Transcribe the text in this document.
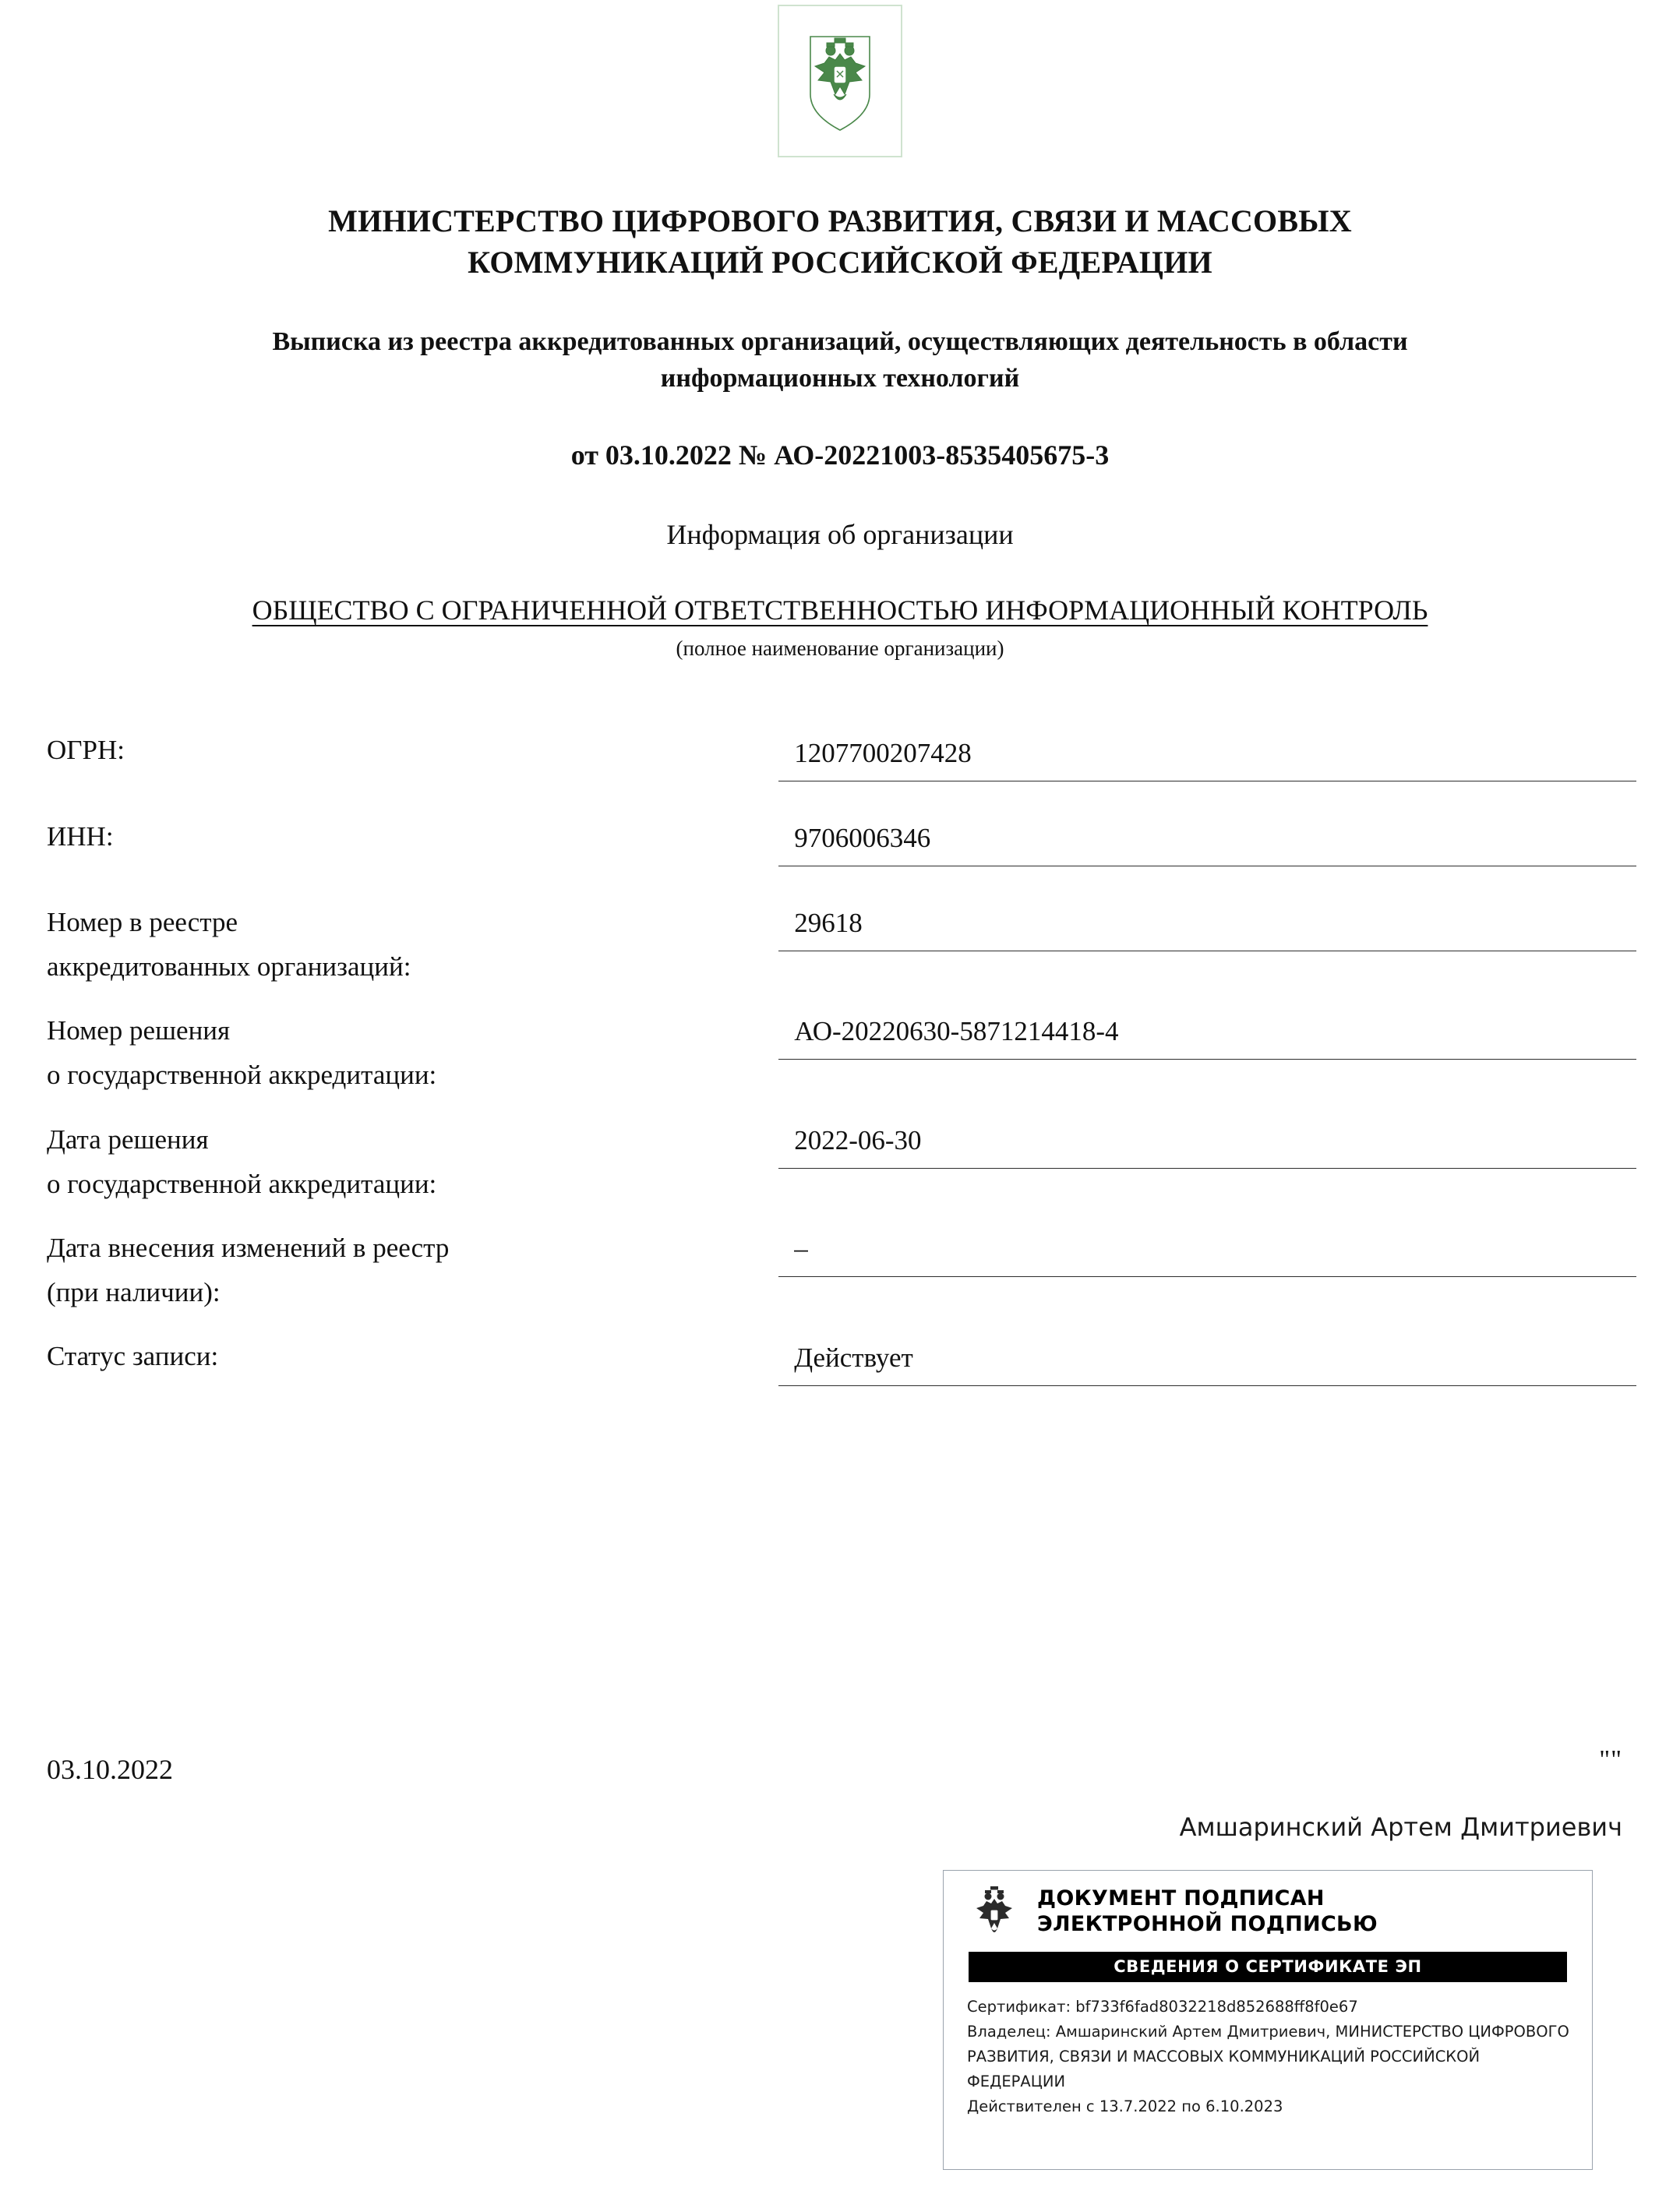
МИНИСТЕРСТВО ЦИФРОВОГО РАЗВИТИЯ, СВЯЗИ И МАССОВЫХ КОММУНИКАЦИЙ РОССИЙСКОЙ ФЕДЕРАЦИИ
Выписка из реестра аккредитованных организаций, осуществляющих деятельность в области информационных технологий
от 03.10.2022 № АО-20221003-8535405675-3
Информация об организации
ОБЩЕСТВО С ОГРАНИЧЕННОЙ ОТВЕТСТВЕННОСТЬЮ ИНФОРМАЦИОННЫЙ КОНТРОЛЬ
(полное наименование организации)
ОГРН:	1207700207428

ИНН:	9706006346

Номер в реестре
аккредитованных организаций:	29618

Номер решения
о государственной аккредитации:	АО-20220630-5871214418-4

Дата решения
о государственной аккредитации:	2022-06-30

Дата внесения изменений в реестр
(при наличии):	–

Статус записи:	Действует
03.10.2022	""
Амшаринский Артем Дмитриевич
ДОКУМЕНТ ПОДПИСАН
ЭЛЕКТРОННОЙ ПОДПИСЬЮ
СВЕДЕНИЯ О СЕРТИФИКАТЕ ЭП
Сертификат: bf733f6fad8032218d852688ff8f0e67
Владелец: Амшаринский Артем Дмитриевич, МИНИСТЕРСТВО ЦИФРОВОГО РАЗВИТИЯ, СВЯЗИ И МАССОВЫХ КОММУНИКАЦИЙ РОССИЙСКОЙ ФЕДЕРАЦИИ
Действителен с 13.7.2022 по 6.10.2023
